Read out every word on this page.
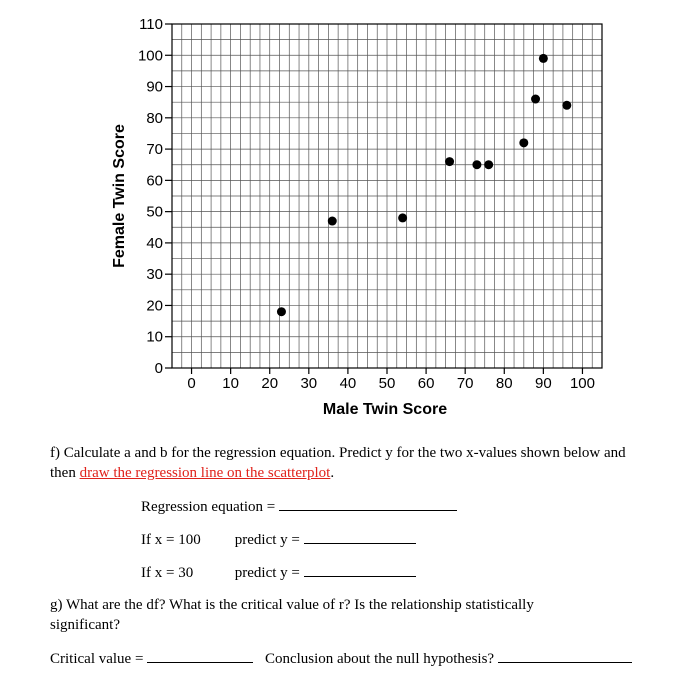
0
10
20
30
40
50
60
70
80
90
100
110
0 10 20 30 40 50 60 70 80 90 100
Male Twin Score
Female Twin Score
f) Calculate a and b for the regression equation. Predict y for the two x-values shown below and then draw the regression line on the scatterplot.
Regression equation =
If x = 100 predict y =
If x = 30	predict y =
g) What are the df? What is the critical value of r? Is the relationship statistically significant?
Critical value =	Conclusion about the null hypothesis?
